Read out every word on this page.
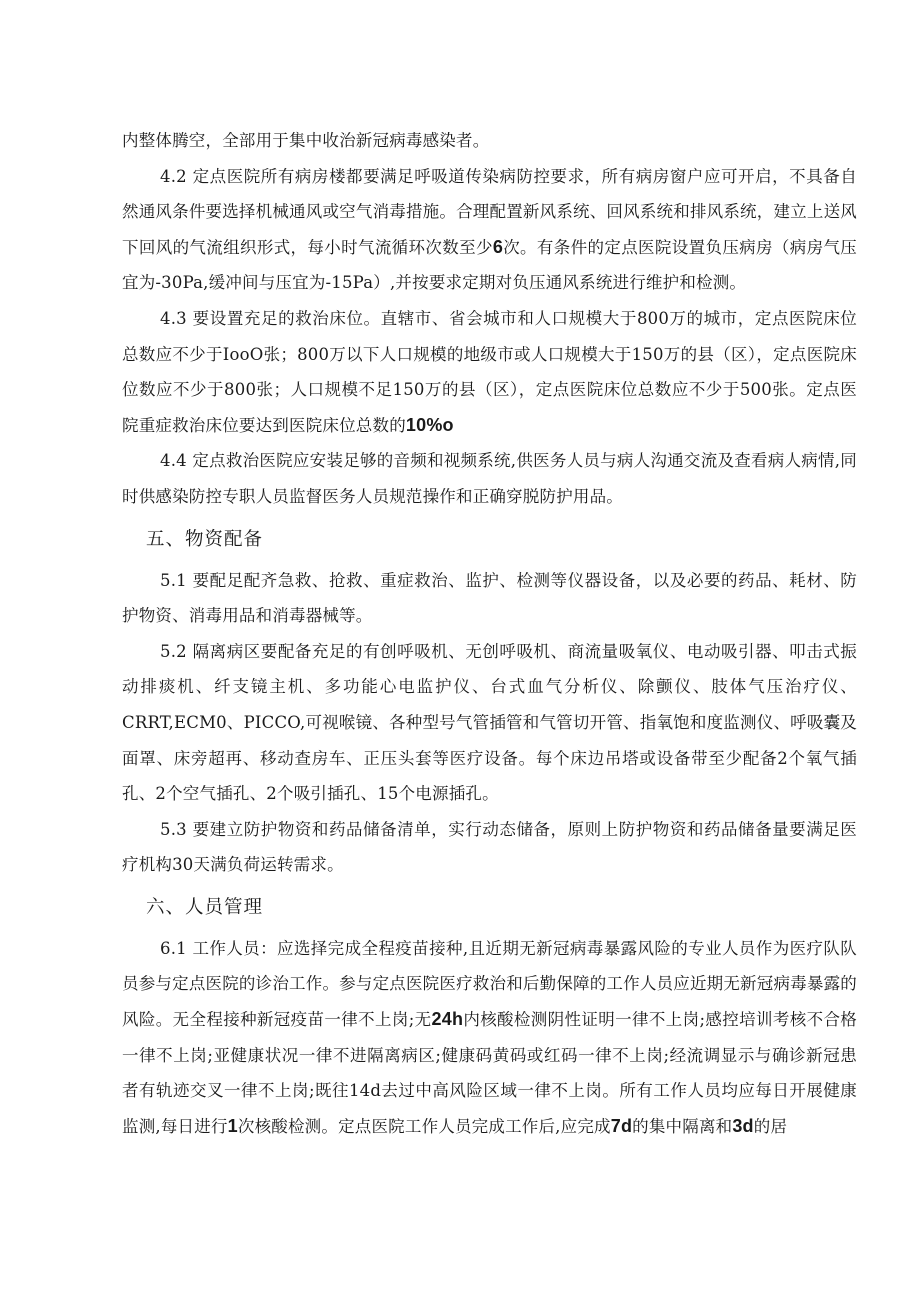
内整体腾空，全部用于集中收治新冠病毒感染者。

4.2 定点医院所有病房楼都要满足呼吸道传染病防控要求，所有病房窗户应可开启，不具备自然通风条件要选择机械通风或空气消毒措施。合理配置新风系统、回风系统和排风系统，建立上送风下回风的气流组织形式，每小时气流循环次数至少6次。有条件的定点医院设置负压病房（病房气压宜为-30Pa,缓冲间与压宜为-15Pa）,并按要求定期对负压通风系统进行维护和检测。

4.3 要设置充足的救治床位。直辖市、省会城市和人口规模大于800万的城市，定点医院床位总数应不少于IooO张；800万以下人口规模的地级市或人口规模大于150万的县（区），定点医院床位数应不少于800张；人口规模不足150万的县（区），定点医院床位总数应不少于500张。定点医院重症救治床位要达到医院床位总数的10%o

4.4 定点救治医院应安装足够的音频和视频系统,供医务人员与病人沟通交流及查看病人病情,同时供感染防控专职人员监督医务人员规范操作和正确穿脱防护用品。

五、物资配备

5.1 要配足配齐急救、抢救、重症救治、监护、检测等仪器设备，以及必要的药品、耗材、防护物资、消毒用品和消毒器械等。

5.2 隔离病区要配备充足的有创呼吸机、无创呼吸机、商流量吸氧仪、电动吸引器、叩击式振动排痰机、纤支镜主机、多功能心电监护仪、台式血气分析仪、除颤仪、肢体气压治疗仪、CRRT,ECM0、PICCO,可视喉镜、各种型号气管插管和气管切开管、指氧饱和度监测仪、呼吸囊及面罩、床旁超再、移动查房车、正压头套等医疗设备。每个床边吊塔或设备带至少配备2个氧气插孔、2个空气插孔、2个吸引插孔、15个电源插孔。

5.3 要建立防护物资和药品储备清单，实行动态储备，原则上防护物资和药品储备量要满足医疗机构30天满负荷运转需求。

六、人员管理

6.1 工作人员：应选择完成全程疫苗接种,且近期无新冠病毒暴露风险的专业人员作为医疗队队员参与定点医院的诊治工作。参与定点医院医疗救治和后勤保障的工作人员应近期无新冠病毒暴露的风险。无全程接种新冠疫苗一律不上岗;无24h内核酸检测阴性证明一律不上岗;感控培训考核不合格一律不上岗;亚健康状况一律不进隔离病区;健康码黄码或红码一律不上岗;经流调显示与确诊新冠患者有轨迹交叉一律不上岗;既往14d去过中高风险区域一律不上岗。所有工作人员均应每日开展健康监测,每日进行1次核酸检测。定点医院工作人员完成工作后,应完成7d的集中隔离和3d的居
